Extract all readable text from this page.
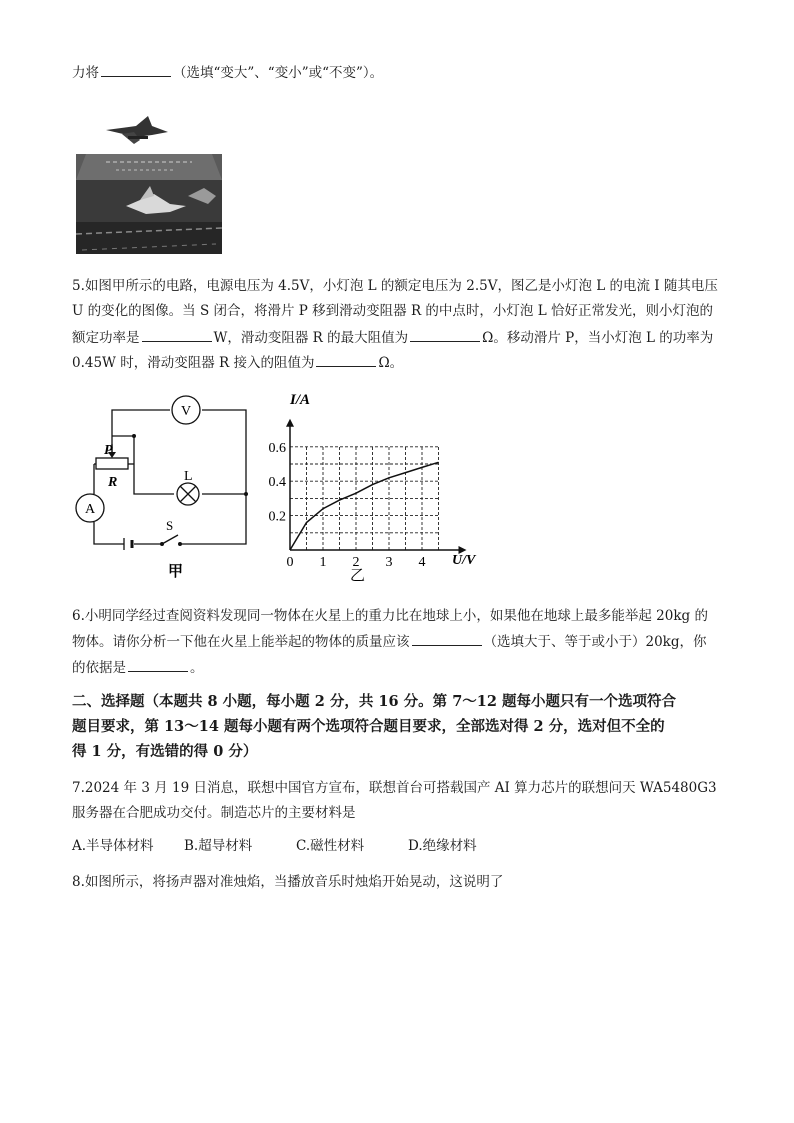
力将	（选填“变大”、“变小”或“不变”）。
5.如图甲所示的电路，电源电压为 4.5V，小灯泡 L 的额定电压为 2.5V，图乙是小灯泡 L 的电流 I 随其电压
U 的变化的图像。当 S 闭合，将滑片 P 移到滑动变阻器 R 的中点时，小灯泡 L 恰好正常发光，则小灯泡的
额定功率是	W，滑动变阻器 R 的最大阻值为	Ω。移动滑片 P，当小灯泡 L 的功率为
0.45W 时，滑动变阻器 R 接入的阻值为	Ω。
V
P
R	L
A
S
甲
0 1 2 3 4
0.2
0.4
0.6
I/A
U/V
乙
6.小明同学经过查阅资料发现同一物体在火星上的重力比在地球上小，如果他在地球上最多能举起 20kg 的
物体。请你分析一下他在火星上能举起的物体的质量应该	（选填大于、等于或小于）20kg，你
的依据是	。
二、选择题（本题共 8 小题，每小题 2 分，共 16 分。第 7～12 题每小题只有一个选项符合
题目要求，第 13～14 题每小题有两个选项符合题目要求，全部选对得 2 分，选对但不全的
得 1 分，有选错的得 0 分）
7.2024 年 3 月 19 日消息，联想中国官方宣布，联想首台可搭载国产 AI 算力芯片的联想问天 WA5480G3
服务器在合肥成功交付。制造芯片的主要材料是
A.半导体材料 B.超导材料	C.磁性材料	D.绝缘材料
8.如图所示，将扬声器对准烛焰，当播放音乐时烛焰开始晃动，这说明了
